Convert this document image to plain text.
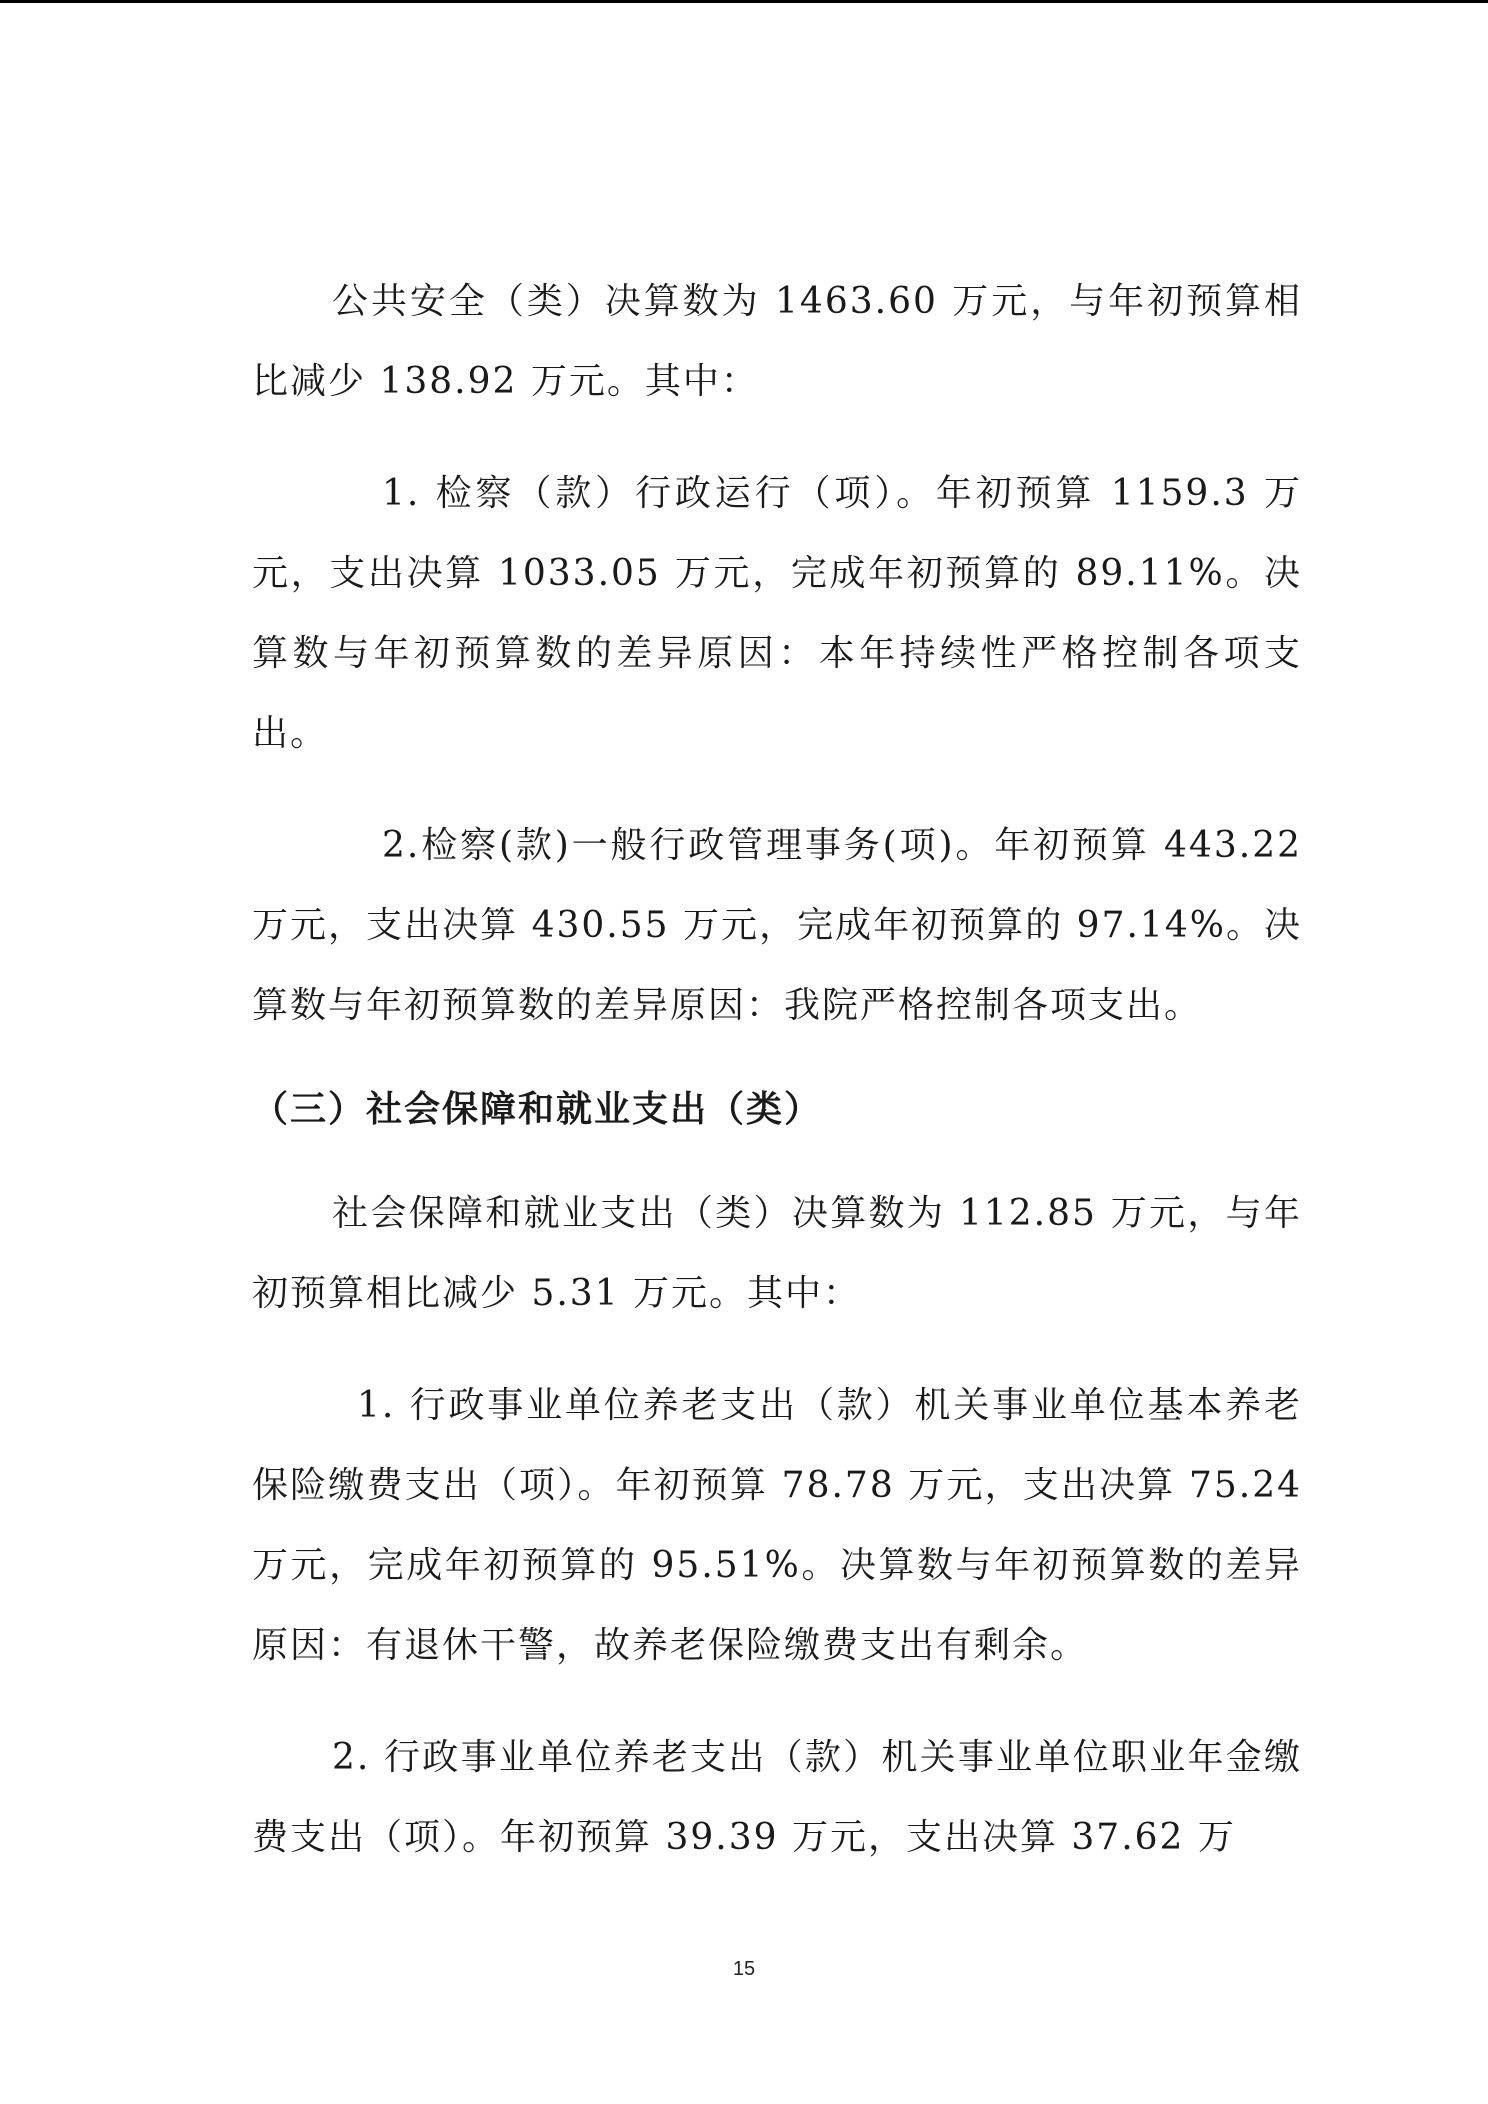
公共安全（类）决算数为 1463.60 万元，与年初预算相比减少 138.92 万元。其中：

1. 检察（款）行政运行（项）。年初预算 1159.3 万元，支出决算 1033.05 万元，完成年初预算的 89.11%。决算数与年初预算数的差异原因：本年持续性严格控制各项支出。

2.检察(款)一般行政管理事务(项)。年初预算 443.22 万元，支出决算 430.55 万元，完成年初预算的 97.14%。决算数与年初预算数的差异原因：我院严格控制各项支出。

（三）社会保障和就业支出（类）

社会保障和就业支出（类）决算数为 112.85 万元，与年初预算相比减少 5.31 万元。其中：

1. 行政事业单位养老支出（款）机关事业单位基本养老保险缴费支出（项）。年初预算 78.78 万元，支出决算 75.24 万元，完成年初预算的 95.51%。决算数与年初预算数的差异原因：有退休干警，故养老保险缴费支出有剩余。

2. 行政事业单位养老支出（款）机关事业单位职业年金缴费支出（项）。年初预算 39.39 万元，支出决算 37.62 万

15
